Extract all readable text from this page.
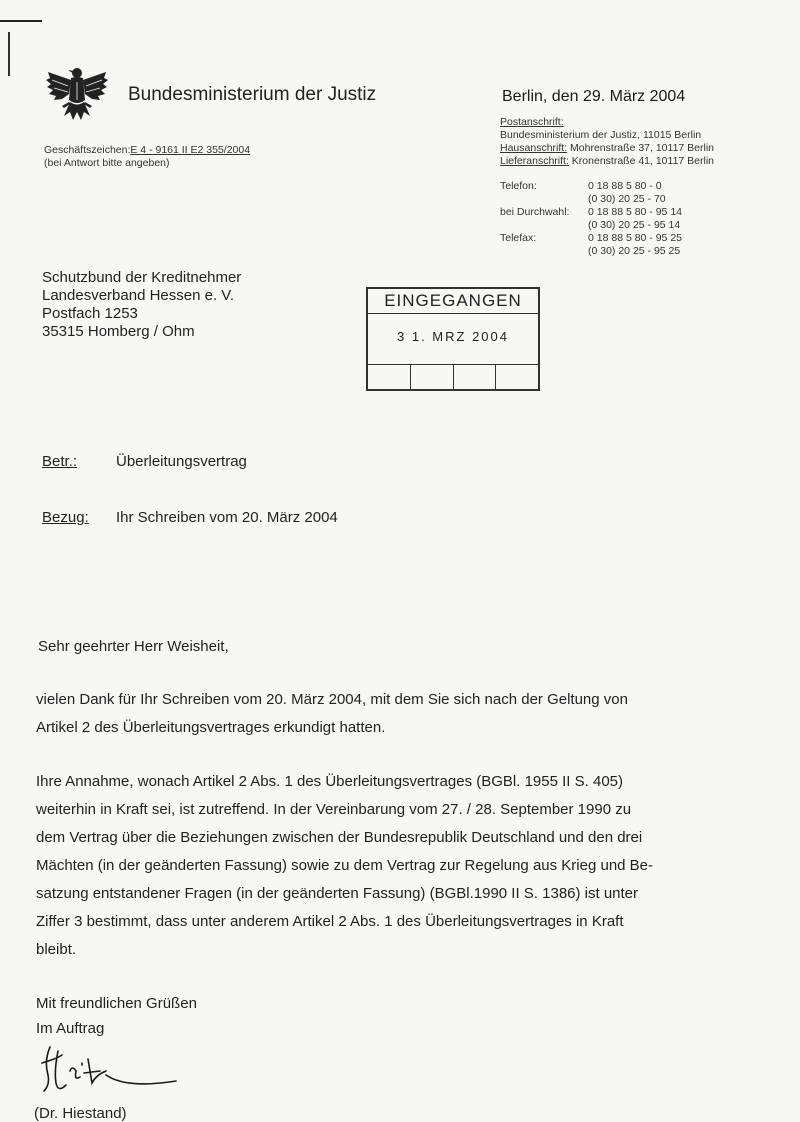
Bundesministerium der Justiz	Berlin, den 29. März 2004
Geschäftszeichen:E 4 - 9161 II E2 355/2004
(bei Antwort bitte angeben)
Postanschrift:
Bundesministerium der Justiz, 11015 Berlin
Hausanschrift: Mohrenstraße 37, 10117 Berlin
Lieferanschrift: Kronenstraße 41, 10117 Berlin
Telefon:	0 18 88 5 80 - 0
(0 30) 20 25 - 70
bei Durchwahl: 0 18 88 5 80 - 95 14
(0 30) 20 25 - 95 14
Telefax:	0 18 88 5 80 - 95 25
(0 30) 20 25 - 95 25
Schutzbund der Kreditnehmer
Landesverband Hessen e. V.
Postfach 1253
35315 Homberg / Ohm
EINGEGANGEN
3 1. MRZ 2004
Betr.:	Überleitungsvertrag
Bezug: Ihr Schreiben vom 20. März 2004
Sehr geehrter Herr Weisheit,
vielen Dank für Ihr Schreiben vom 20. März 2004, mit dem Sie sich nach der Geltung von
Artikel 2 des Überleitungsvertrages erkundigt hatten.
Ihre Annahme, wonach Artikel 2 Abs. 1 des Überleitungsvertrages (BGBl. 1955 II S. 405)
weiterhin in Kraft sei, ist zutreffend. In der Vereinbarung vom 27. / 28. September 1990 zu
dem Vertrag über die Beziehungen zwischen der Bundesrepublik Deutschland und den drei
Mächten (in der geänderten Fassung) sowie zu dem Vertrag zur Regelung aus Krieg und Be-
satzung entstandener Fragen (in der geänderten Fassung) (BGBl.1990 II S. 1386) ist unter
Ziffer 3 bestimmt, dass unter anderem Artikel 2 Abs. 1 des Überleitungsvertrages in Kraft
bleibt.
Mit freundlichen Grüßen
Im Auftrag
(Dr. Hiestand)
